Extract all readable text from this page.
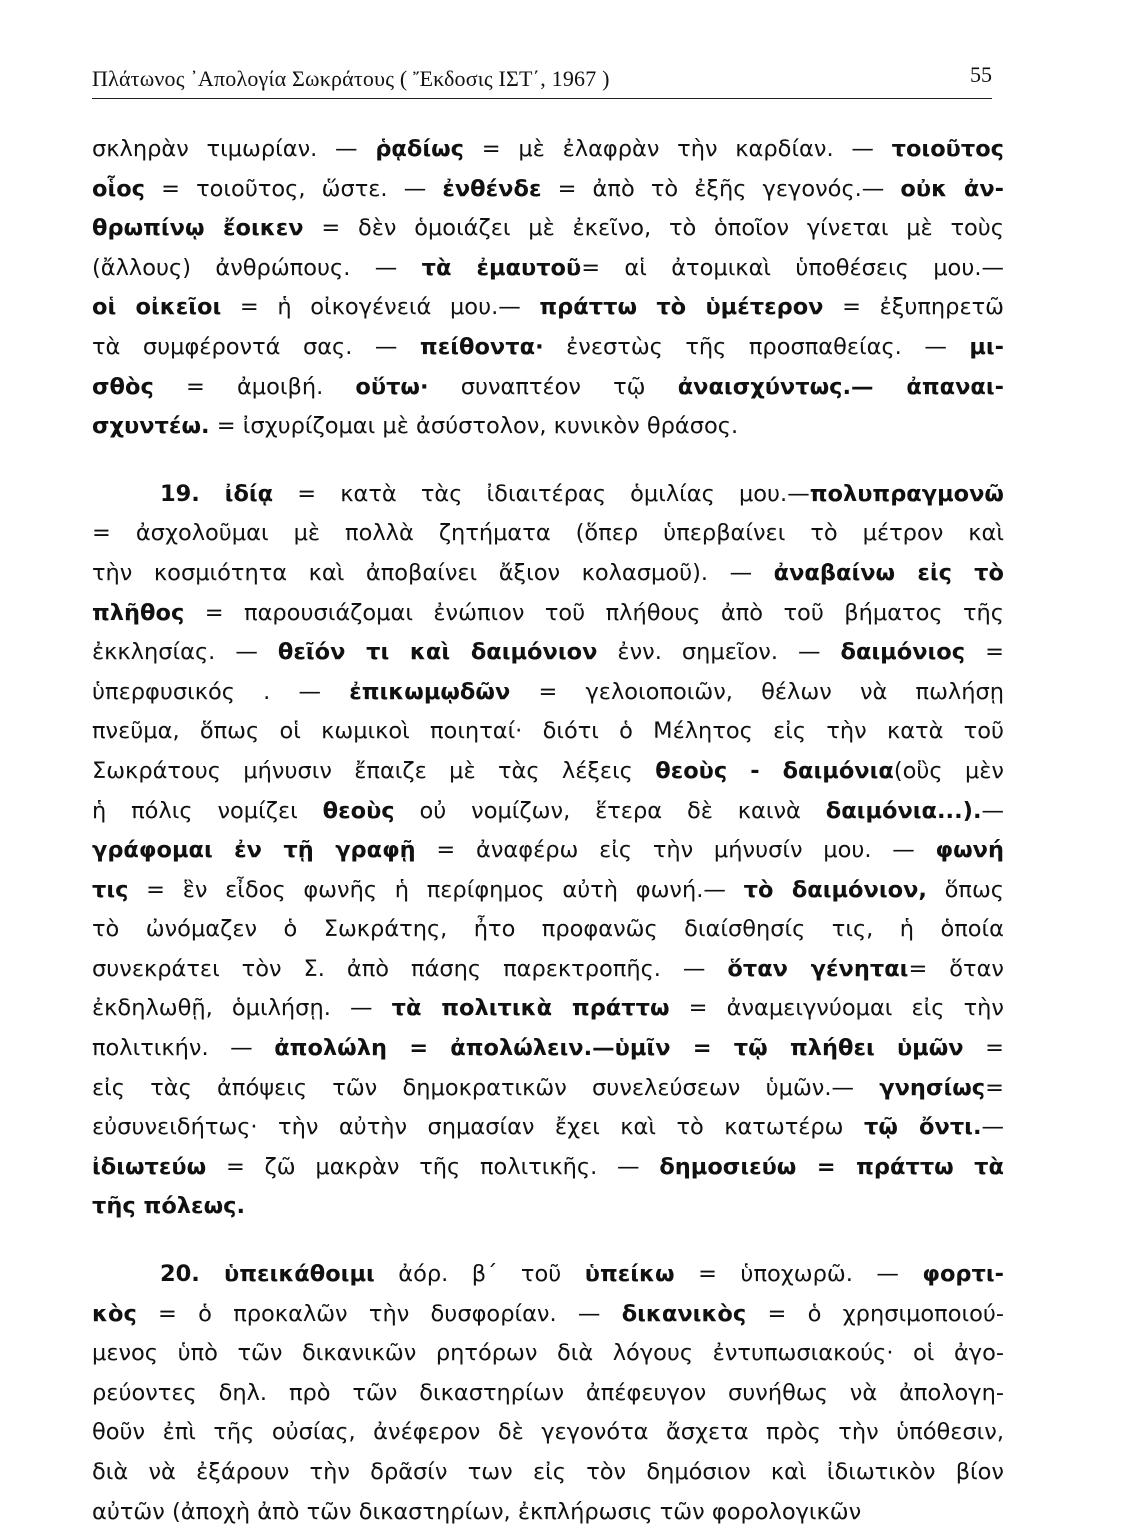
Πλάτωνος ᾿Απολογία Σωκράτους ( Ἔκδοσις ΙΣΤ΄, 1967 )	55
σκληρὰν τιμωρίαν. — ῥᾳδίως = μὲ ἐλαφρὰν τὴν καρδίαν. — τοιοῦτος
οἷος = τοιοῦτος, ὥστε. — ἐνθένδε = ἀπὸ τὸ ἐξῆς γεγονός.— οὐκ ἀν-
θρωπίνῳ ἔοικεν = δὲν ὁμοιάζει μὲ ἐκεῖνο, τὸ ὁποῖον γίνεται μὲ τοὺς
(ἄλλους) ἀνθρώπους. — τὰ ἐμαυτοῦ= αἱ ἀτομικαὶ ὑποθέσεις μου.—
οἱ οἰκεῖοι = ἡ οἰκογένειά μου.— πράττω τὸ ὑμέτερον = ἐξυπηρετῶ
τὰ συμφέροντά σας. — πείθοντα· ἐνεστὼς τῆς προσπαθείας. — μι-
σθὸς = ἀμοιβή. οὕτω· συναπτέον τῷ ἀναισχύντως.— ἀπαναι-
σχυντέω. = ἰσχυρίζομαι μὲ ἀσύστολον, κυνικὸν θράσος.
19. ἰδίᾳ = κατὰ τὰς ἰδιαιτέρας ὁμιλίας μου.—πολυπραγμονῶ
= ἀσχολοῦμαι μὲ πολλὰ ζητήματα (ὅπερ ὑπερβαίνει τὸ μέτρον καὶ
τὴν κοσμιότητα καὶ ἀποβαίνει ἄξιον κολασμοῦ). — ἀναβαίνω εἰς τὸ
πλῆθος = παρουσιάζομαι ἐνώπιον τοῦ πλήθους ἀπὸ τοῦ βήματος τῆς
ἐκκλησίας. — θεῖόν τι καὶ δαιμόνιον ἐνν. σημεῖον. — δαιμόνιος =
ὑπερφυσικός . — ἐπικωμῳδῶν = γελοιοποιῶν, θέλων νὰ πωλήσῃ
πνεῦμα, ὅπως οἱ κωμικοὶ ποιηταί· διότι ὁ Μέλητος εἰς τὴν κατὰ τοῦ
Σωκράτους μήνυσιν ἔπαιζε μὲ τὰς λέξεις θεοὺς - δαιμόνια(οὓς μὲν
ἡ πόλις νομίζει θεοὺς οὐ νομίζων, ἕτερα δὲ καινὰ δαιμόνια...).—
γράφομαι ἐν τῇ γραφῇ = ἀναφέρω εἰς τὴν μήνυσίν μου. — φωνή
τις = ἓν εἶδος φωνῆς ἡ περίφημος αὐτὴ φωνή.— τὸ δαιμόνιον, ὅπως
τὸ ὠνόμαζεν ὁ Σωκράτης, ἦτο προφανῶς διαίσθησίς τις, ἡ ὁποία
συνεκράτει τὸν Σ. ἀπὸ πάσης παρεκτροπῆς. — ὅταν γένηται= ὅταν
ἐκδηλωθῇ, ὁμιλήσῃ. — τὰ πολιτικὰ πράττω = ἀναμειγνύομαι εἰς τὴν
πολιτικήν. — ἀπολώλη = ἀπολώλειν.—ὑμῖν = τῷ πλήθει ὑμῶν =
εἰς τὰς ἀπόψεις τῶν δημοκρατικῶν συνελεύσεων ὑμῶν.— γνησίως=
εὐσυνειδήτως· τὴν αὐτὴν σημασίαν ἔχει καὶ τὸ κατωτέρω τῷ ὄντι.—
ἰδιωτεύω = ζῶ μακρὰν τῆς πολιτικῆς. — δημοσιεύω = πράττω τὰ
τῆς πόλεως.
20. ὑπεικάθοιμι ἀόρ. β΄ τοῦ ὑπείκω = ὑποχωρῶ. — φορτι-
κὸς = ὁ προκαλῶν τὴν δυσφορίαν. — δικανικὸς = ὁ χρησιμοποιού-
μενος ὑπὸ τῶν δικανικῶν ρητόρων διὰ λόγους ἐντυπωσιακούς· οἱ ἀγο-
ρεύοντες δηλ. πρὸ τῶν δικαστηρίων ἀπέφευγον συνήθως νὰ ἀπολογη-
θοῦν ἐπὶ τῆς οὐσίας, ἀνέφερον δὲ γεγονότα ἄσχετα πρὸς τὴν ὑπόθεσιν,
διὰ νὰ ἐξάρουν τὴν δρᾶσίν των εἰς τὸν δημόσιον καὶ ἰδιωτικὸν βίον
αὐτῶν (ἀποχὴ ἀπὸ τῶν δικαστηρίων, ἐκπλήρωσις τῶν φορολογικῶν
